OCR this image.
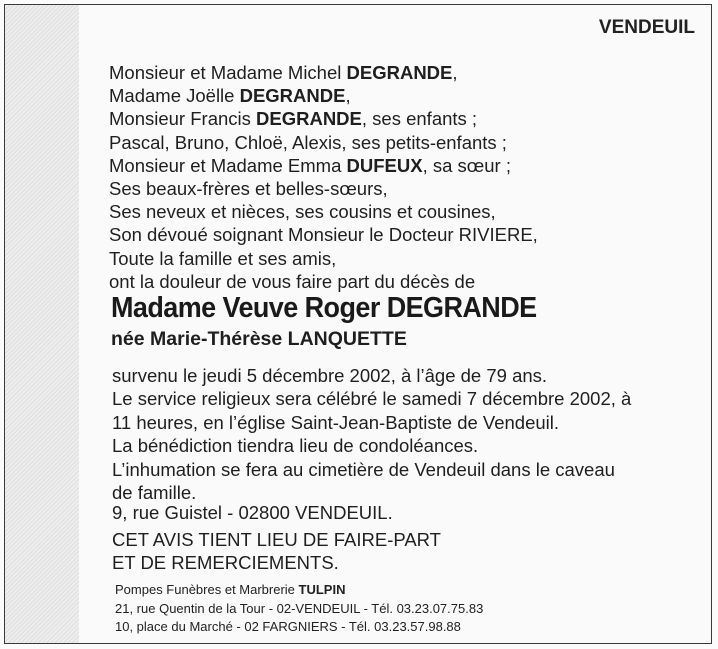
VENDEUIL
Monsieur et Madame Michel DEGRANDE,
Madame Joëlle DEGRANDE,
Monsieur Francis DEGRANDE, ses enfants ;
Pascal, Bruno, Chloë, Alexis, ses petits-enfants ;
Monsieur et Madame Emma DUFEUX, sa sœur ;
Ses beaux-frères et belles-sœurs,
Ses neveux et nièces, ses cousins et cousines,
Son dévoué soignant Monsieur le Docteur RIVIERE,
Toute la famille et ses amis,
ont la douleur de vous faire part du décès de
Madame Veuve Roger DEGRANDE
née Marie-Thérèse LANQUETTE
survenu le jeudi 5 décembre 2002, à l’âge de 79 ans.
Le service religieux sera célébré le samedi 7 décembre 2002, à
11 heures, en l’église Saint-Jean-Baptiste de Vendeuil.
La bénédiction tiendra lieu de condoléances.
L’inhumation se fera au cimetière de Vendeuil dans le caveau
de famille.
9, rue Guistel - 02800 VENDEUIL.
CET AVIS TIENT LIEU DE FAIRE-PART
ET DE REMERCIEMENTS.
Pompes Funèbres et Marbrerie TULPIN
21, rue Quentin de la Tour - 02-VENDEUIL - Tél. 03.23.07.75.83
10, place du Marché - 02 FARGNIERS - Tél. 03.23.57.98.88
